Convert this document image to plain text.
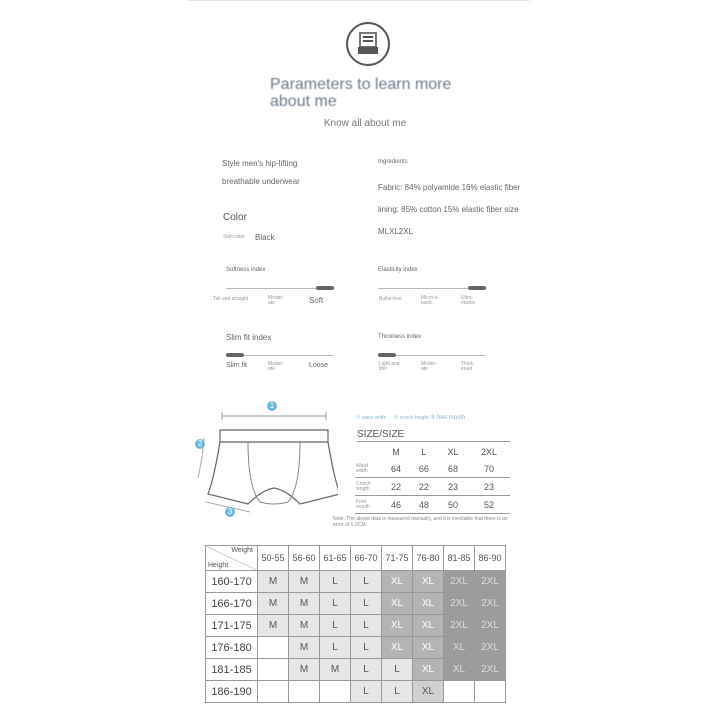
Parameters to learn more about me
Know all about me
Style men's hip-lifting
breathable underwear
Color
Skin color Black
Ingredients
Fabric: 84% polyamide 16% elastic fiber
lining: 85% cotton 15% elastic fiber size
MLXL2XL
Softness index
Tall and straight	Moder-ate	Soft
Elasticity index
Bullet-free	Micro-e-lastic
Ultra-elastic
Slim fit index
Slim fit	Moder-ate	Loose
Thickness index
Light and thin
Moder-ate
Thick-ened
1
2
3
① waist width ② crotch height ③ feet mouth
SIZE/SIZE
	M	L	XL	2XL
Waist width	64	66	68	70
Crotch length	22	22	23	23
Foot mouth	46	48	50	52
Note: The above data is measured manually, and it is inevitable that there is an error of 1-2CM.
Weight
Height	50-55	56-60	61-65	66-70	71-75	76-80	81-85	86-90
160-170	M	M	L	L	XL	XL	2XL	2XL
166-170	M	M	L	L	XL	XL	2XL	2XL
171-175	M	M	L	L	XL	XL	2XL	2XL
176-180		M	L	L	XL	XL	XL	2XL
181-185		M	M	L	L	XL	XL	2XL
186-190				L	L	XL		
